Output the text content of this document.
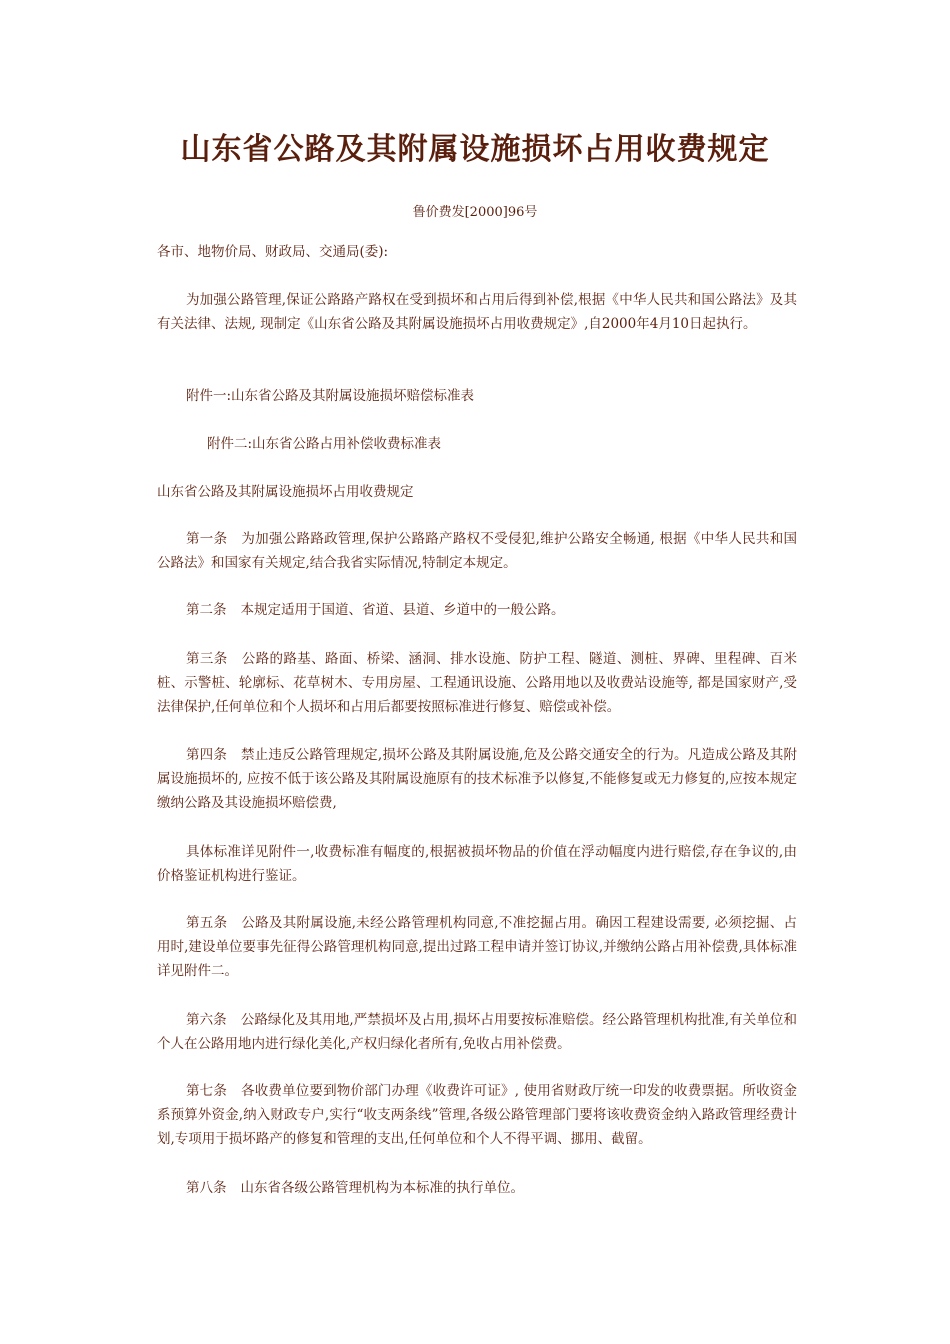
山东省公路及其附属设施损坏占用收费规定
鲁价费发[2000]96号

各市、地物价局、财政局、交通局(委):

为加强公路管理,保证公路路产路权在受到损坏和占用后得到补偿,根据《中华人民共和国公路法》及其有关法律、法规, 现制定《山东省公路及其附属设施损坏占用收费规定》,自2000年4月10日起执行。

附件一:山东省公路及其附属设施损坏赔偿标准表

附件二:山东省公路占用补偿收费标准表

山东省公路及其附属设施损坏占用收费规定

第一条 为加强公路路政管理,保护公路路产路权不受侵犯,维护公路安全畅通, 根据《中华人民共和国公路法》和国家有关规定,结合我省实际情况,特制定本规定。

第二条 本规定适用于国道、省道、县道、乡道中的一般公路。

第三条 公路的路基、路面、桥梁、涵洞、排水设施、防护工程、隧道、测桩、界碑、里程碑、百米桩、示警桩、轮廓标、花草树木、专用房屋、工程通讯设施、公路用地以及收费站设施等, 都是国家财产,受法律保护,任何单位和个人损坏和占用后都要按照标准进行修复、赔偿或补偿。

第四条 禁止违反公路管理规定,损坏公路及其附属设施,危及公路交通安全的行为。凡造成公路及其附属设施损坏的, 应按不低于该公路及其附属设施原有的技术标准予以修复,不能修复或无力修复的,应按本规定缴纳公路及其设施损坏赔偿费,

具体标准详见附件一,收费标准有幅度的,根据被损坏物品的价值在浮动幅度内进行赔偿,存在争议的,由价格鉴证机构进行鉴证。

第五条 公路及其附属设施,未经公路管理机构同意,不准挖掘占用。确因工程建设需要, 必须挖掘、占用时,建设单位要事先征得公路管理机构同意,提出过路工程申请并签订协议,并缴纳公路占用补偿费,具体标准详见附件二。

第六条 公路绿化及其用地,严禁损坏及占用,损坏占用要按标准赔偿。经公路管理机构批准,有关单位和个人在公路用地内进行绿化美化,产权归绿化者所有,免收占用补偿费。

第七条 各收费单位要到物价部门办理《收费许可证》, 使用省财政厅统一印发的收费票据。所收资金系预算外资金,纳入财政专户,实行“收支两条线”管理,各级公路管理部门要将该收费资金纳入路政管理经费计划,专项用于损坏路产的修复和管理的支出,任何单位和个人不得平调、挪用、截留。

第八条 山东省各级公路管理机构为本标准的执行单位。
